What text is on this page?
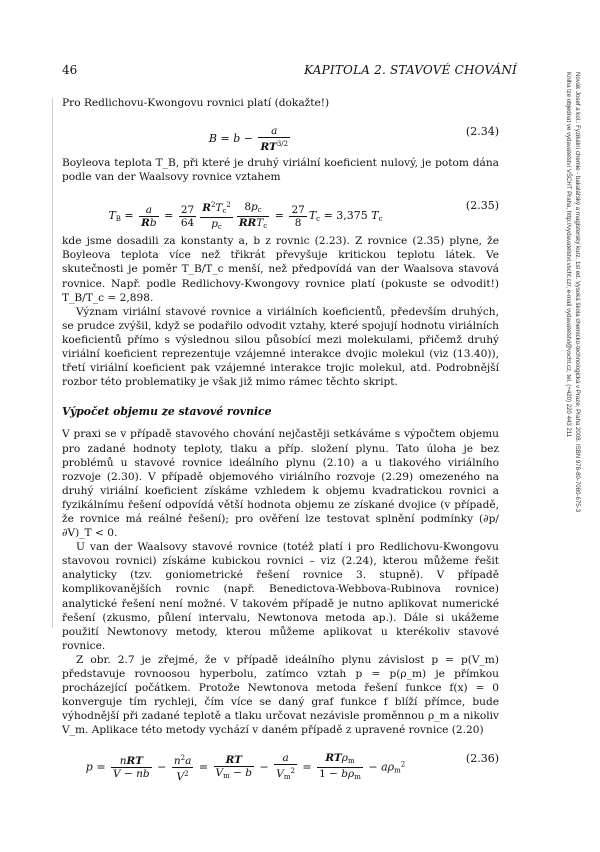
46	KAPITOLA 2. STAVOVÉ CHOVÁNÍ
Novák Josef a kol.: Fyzikální chemie - bakalářský a magisterský kurz. 1st ed. Vysoká škola chemicko-technologická v Praze, Praha 2008. ISBN 978-80-7080-675-3
Kniha lze objednat ve vydavatelství VŠCHT Praha, http://vydavatelstvi.vscht.cz/, e-mail vydavatelstvi@vscht.cz, tel. (+420) 220 443 211

Pro Redlichovu-Kwongovu rovnici platí (dokažte!)

$B = b - \frac{a}{RT^{3/2}}$	(2.34)

Boyleova teplota T_B, při které je druhý viriální koeficient nulový, je potom dána podle van der Waalsovy rovnice vztahem

$T_B = \frac{a}{Rb} = \frac{27}{64} \frac{R^2T_c^2}{p_c} \frac{8p_c}{RRT_c} = \frac{27}{8} T_c = 3,375$ $T_c$
(2.35)

kde jsme dosadili za konstanty a, b z rovnic (2.23). Z rovnice (2.35) plyne, že Boyleova teplota více než třikrát převyšuje kritickou teplotu látek. Ve skutečnosti je poměr T_B/T_c menší, než předpovídá van der Waalsova stavová rovnice. Např. podle Redlichovy-Kwongovy rovnice platí (pokuste se odvodit!) T_B/T_c = 2,898.

Význam viriální stavové rovnice a viriálních koeficientů, především druhých, se prudce zvýšil, když se podařilo odvodit vztahy, které spojují hodnotu viriálních koeficientů přímo s výslednou silou působící mezi molekulami, přičemž druhý viriální koeficient reprezentuje vzájemné interakce dvojic molekul (viz (13.40)), třetí viriální koeficient pak vzájemné interakce trojic molekul, atd. Podrobnější rozbor této problematiky je však již mimo rámec těchto skript.

Výpočet objemu ze stavové rovnice

V praxi se v případě stavového chování nejčastěji setkáváme s výpočtem objemu pro zadané hodnoty teploty, tlaku a příp. složení plynu. Tato úloha je bez problémů u stavové rovnice ideálního plynu (2.10) a u tlakového viriálního rozvoje (2.30). V případě objemového viriálního rozvoje (2.29) omezeného na druhý viriální koeficient získáme vzhledem k objemu kvadratickou rovnici a fyzikálnímu řešení odpovídá větší hodnota objemu ze získané dvojice (v případě, že rovnice má reálné řešení); pro ověření lze testovat splnění podmínky (∂p/∂V)_T < 0.

U van der Waalsovy stavové rovnice (totéž platí i pro Redlichovu-Kwongovu stavovou rovnici) získáme kubickou rovnici – viz (2.24), kterou můžeme řešit analyticky (tzv. goniometrické řešení rovnice 3. stupně). V případě komplikovanějších rovnic (např. Benedictova-Webbova-Rubinova rovnice) analytické řešení není možné. V takovém případě je nutno aplikovat numerické řešení (zkusmo, půlení intervalu, Newtonova metoda ap.). Dále si ukážeme použití Newtonovy metody, kterou můžeme aplikovat u kterékoliv stavové rovnice.

Z obr. 2.7 je zřejmé, že v případě ideálního plynu závislost p = p(V_m) představuje rovnoosou hyperbolu, zatímco vztah p = p(ρ_m) je přímkou procházející počátkem. Protože Newtonova metoda řešení funkce f(x) = 0 konverguje tím rychleji, čím více se daný graf funkce f blíží přímce, bude výhodnější při zadané teplotě a tlaku určovat nezávisle proměnnou ρ_m a nikoliv V_m. Aplikace této metody vychází v daném případě z upravené rovnice (2.20)

$p = \frac{\text{nRT}}{V - nb} - \frac{n^2a}{V^2} = \frac{RT}{V_m - b} - \frac{a}{V_m^2} = \frac{RT\rho_m}{1 - b\rho_m} - a\rho_m^2$	(2.36)
